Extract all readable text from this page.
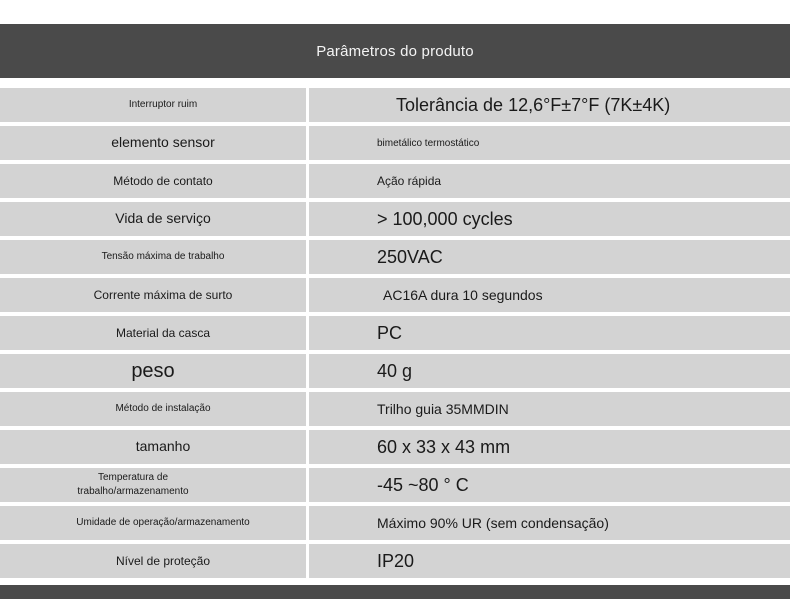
Parâmetros do produto
Interruptor ruim	Tolerância de 12,6°F±7°F (7K±4K)
elemento sensor	bimetálico termostático
Método de contato	Ação rápida
Vida de serviço	> 100,000 cycles
Tensão máxima de trabalho	250VAC
Corrente máxima de surto	AC16A dura 10 segundos
Material da casca	PC
peso	40 g
Método de instalação	Trilho guia 35MMDIN
tamanho	60 x 33 x 43 mm
Temperatura de trabalho/armazenamento	-45 ~80 ° C
Umidade de operação/armazenamento	Máximo 90% UR (sem condensação)
Nível de proteção	IP20
